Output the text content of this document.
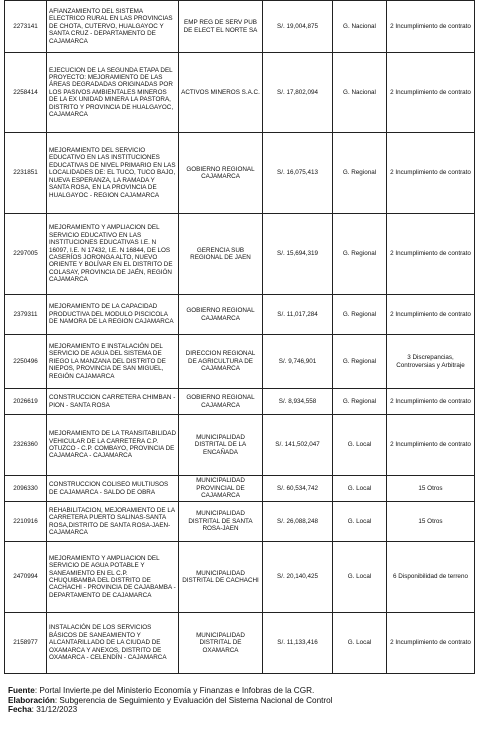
2273141	AFIANZAMIENTO DEL SISTEMA ELECTRICO RURAL EN LAS PROVINCIAS DE CHOTA, CUTERVO, HUALGAYOC Y SANTA CRUZ - DEPARTAMENTO DE CAJAMARCA	EMP REG DE SERV PUB DE ELECT EL NORTE SA	S/. 19,004,875	G. Nacional	2 Incumplimiento de contrato
2258414	EJECUCION DE LA SEGUNDA ETAPA DEL PROYECTO: MEJORAMIENTO DE LAS ÁREAS DEGRADADAS ORIGINADAS POR LOS PASIVOS AMBIENTALES MINEROS DE LA EX UNIDAD MINERA LA PASTORA, DISTRITO Y PROVINCIA DE HUALGAYOC, CAJAMARCA	ACTIVOS MINEROS S.A.C.	S/. 17,802,094	G. Nacional	2 Incumplimiento de contrato
2231851	MEJORAMIENTO DEL SERVICIO EDUCATIVO EN LAS INSTITUCIONES EDUCATIVAS DE NIVEL PRIMARIO EN LAS LOCALIDADES DE: EL TUCO, TUCO BAJO, NUEVA ESPERANZA, LA RAMADA Y SANTA ROSA, EN LA PROVINCIA DE HUALGAYOC - REGION CAJAMARCA	GOBIERNO REGIONAL CAJAMARCA	S/. 16,075,413	G. Regional	2 Incumplimiento de contrato
2297005	MEJORAMIENTO Y AMPLIACION DEL SERVICIO EDUCATIVO EN LAS INSTITUCIONES EDUCATIVAS I.E. N 16097, I.E. N 17432, I.E. N 16844, DE LOS CASERÍOS JORONGA ALTO, NUEVO ORIENTE Y BOLÍVAR EN EL DISTRITO DE COLASAY, PROVINCIA DE JAÉN, REGIÓN CAJAMARCA	GERENCIA SUB REGIONAL DE JAEN	S/. 15,694,319	G. Regional	2 Incumplimiento de contrato
2379311	MEJORAMIENTO DE LA CAPACIDAD PRODUCTIVA DEL MODULO PISCICOLA DE NAMORA DE LA REGION CAJAMARCA	GOBIERNO REGIONAL CAJAMARCA	S/. 11,017,284	G. Regional	2 Incumplimiento de contrato
2250496	MEJORAMIENTO E INSTALACIÓN DEL SERVICIO DE AGUA DEL SISTEMA DE RIEGO LA MANZANA DEL DISTRITO DE NIEPOS, PROVINCIA DE SAN MIGUEL, REGIÓN CAJAMARCA	DIRECCION REGIONAL DE AGRICULTURA DE CAJAMARCA	S/. 9,746,901	G. Regional	3 Discrepancias, Controversias y Arbitraje
2026619	CONSTRUCCION CARRETERA CHIMBAN - PION - SANTA ROSA	GOBIERNO REGIONAL CAJAMARCA	S/. 8,934,558	G. Regional	2 Incumplimiento de contrato
2326360	MEJORAMIENTO DE LA TRANSITABILIDAD VEHICULAR DE LA CARRETERA C.P. OTUZCO - C.P. COMBAYO, PROVINCIA DE CAJAMARCA - CAJAMARCA	MUNICIPALIDAD DISTRITAL DE LA ENCAÑADA	S/. 141,502,047	G. Local	2 Incumplimiento de contrato
2096330	CONSTRUCCION COLISEO MULTIUSOS DE CAJAMARCA - SALDO DE OBRA	MUNICIPALIDAD PROVINCIAL DE CAJAMARCA	S/. 60,534,742	G. Local	15 Otros
2210916	REHABILITACION, MEJORAMIENTO DE LA CARRETERA PUERTO SALINAS-SANTA ROSA,DISTRITO DE SANTA ROSA-JAEN-CAJAMARCA	MUNICIPALIDAD DISTRITAL DE SANTA ROSA-JAEN	S/. 26,088,248	G. Local	15 Otros
2470994	MEJORAMIENTO Y AMPLIACION DEL SERVICIO DE AGUA POTABLE Y SANEAMIENTO EN EL C.P. CHUQUIBAMBA DEL DISTRITO DE CACHACHI - PROVINCIA DE CAJABAMBA - DEPARTAMENTO DE CAJAMARCA	MUNICIPALIDAD DISTRITAL DE CACHACHI	S/. 20,140,425	G. Local	6 Disponibilidad de terreno
2158977	INSTALACIÓN DE LOS SERVICIOS BÁSICOS DE SANEAMIENTO Y ALCANTARILLADO DE LA CIUDAD DE OXAMARCA Y ANEXOS, DISTRITO DE OXAMARCA - CELENDÍN - CAJAMARCA	MUNICIPALIDAD DISTRITAL DE OXAMARCA	S/. 11,133,416	G. Local	2 Incumplimiento de contrato
Fuente: Portal Invierte.pe del Ministerio Economía y Finanzas e Infobras de la CGR.
Elaboración: Subgerencia de Seguimiento y Evaluación del Sistema Nacional de Control
Fecha: 31/12/2023
